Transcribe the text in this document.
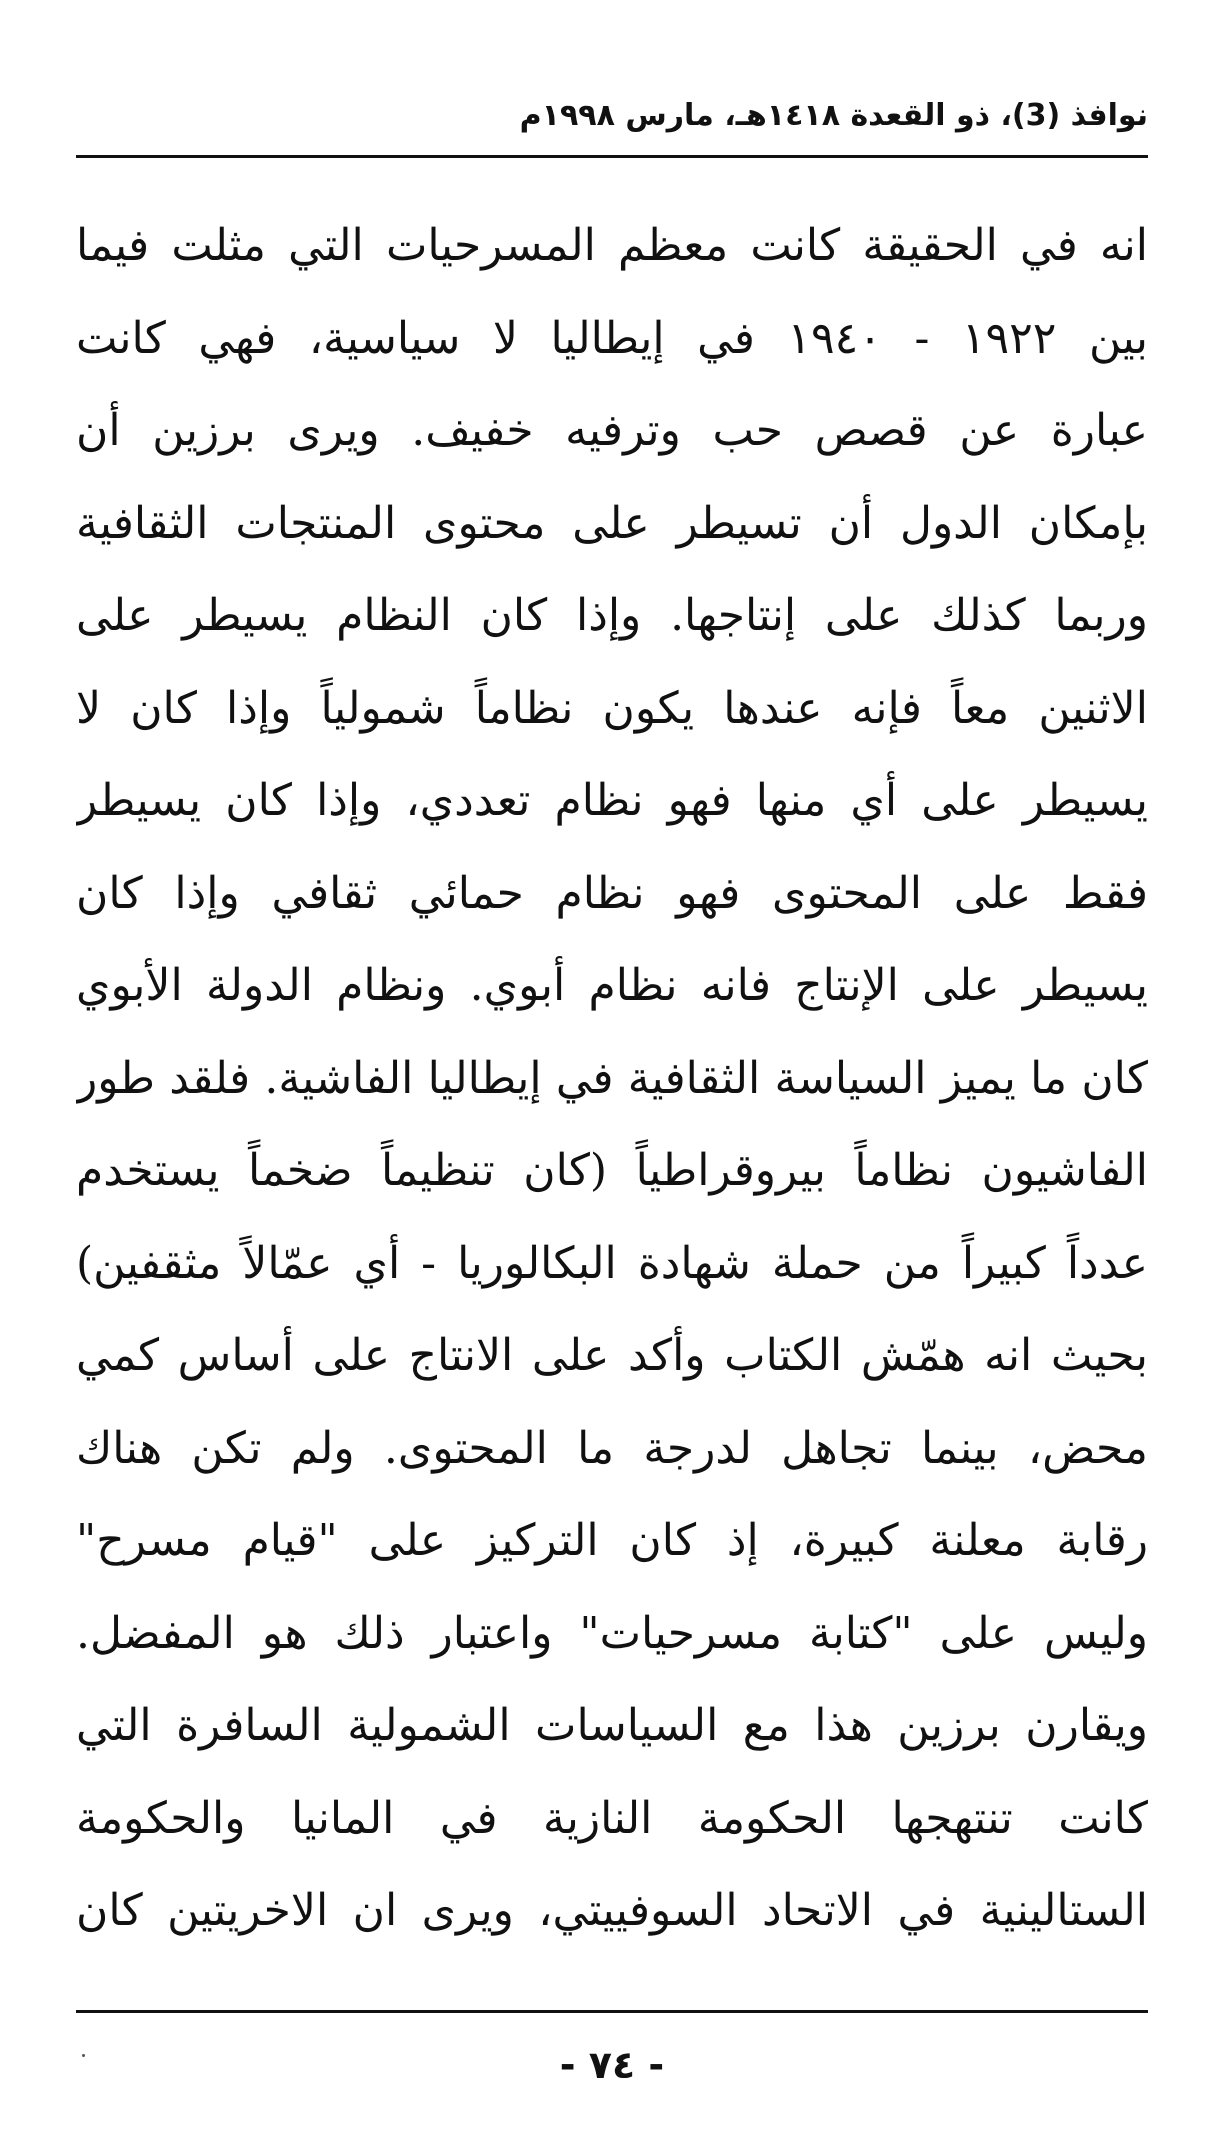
نوافذ (3)، ذو القعدة ١٤١٨هـ، مارس ١٩٩٨م
انه في الحقيقة كانت معظم المسرحيات التي مثلت فيما
بين ١٩٢٢ - ١٩٤٠ في إيطاليا لا سياسية، فهي كانت
عبارة عن قصص حب وترفيه خفيف. ويرى برزين أن
بإمكان الدول أن تسيطر على محتوى المنتجات الثقافية
وربما كذلك على إنتاجها. وإذا كان النظام يسيطر على
الاثنين معاً فإنه عندها يكون نظاماً شمولياً وإذا كان لا
يسيطر على أي منها فهو نظام تعددي، وإذا كان يسيطر
فقط على المحتوى فهو نظام حمائي ثقافي وإذا كان
يسيطر على الإنتاج فانه نظام أبوي. ونظام الدولة الأبوي
كان ما يميز السياسة الثقافية في إيطاليا الفاشية. فلقد طور
الفاشيون نظاماً بيروقراطياً (كان تنظيماً ضخماً يستخدم
عدداً كبيراً من حملة شهادة البكالوريا - أي عمّالاً مثقفين)
بحيث انه همّش الكتاب وأكد على الانتاج على أساس كمي
محض، بينما تجاهل لدرجة ما المحتوى. ولم تكن هناك
رقابة معلنة كبيرة، إذ كان التركيز على "قيام مسرح"
وليس على "كتابة مسرحيات" واعتبار ذلك هو المفضل.
ويقارن برزين هذا مع السياسات الشمولية السافرة التي
كانت تنتهجها الحكومة النازية في المانيا والحكومة
الستالينية في الاتحاد السوفييتي، ويرى ان الاخريتين كان
- ٧٤ -
